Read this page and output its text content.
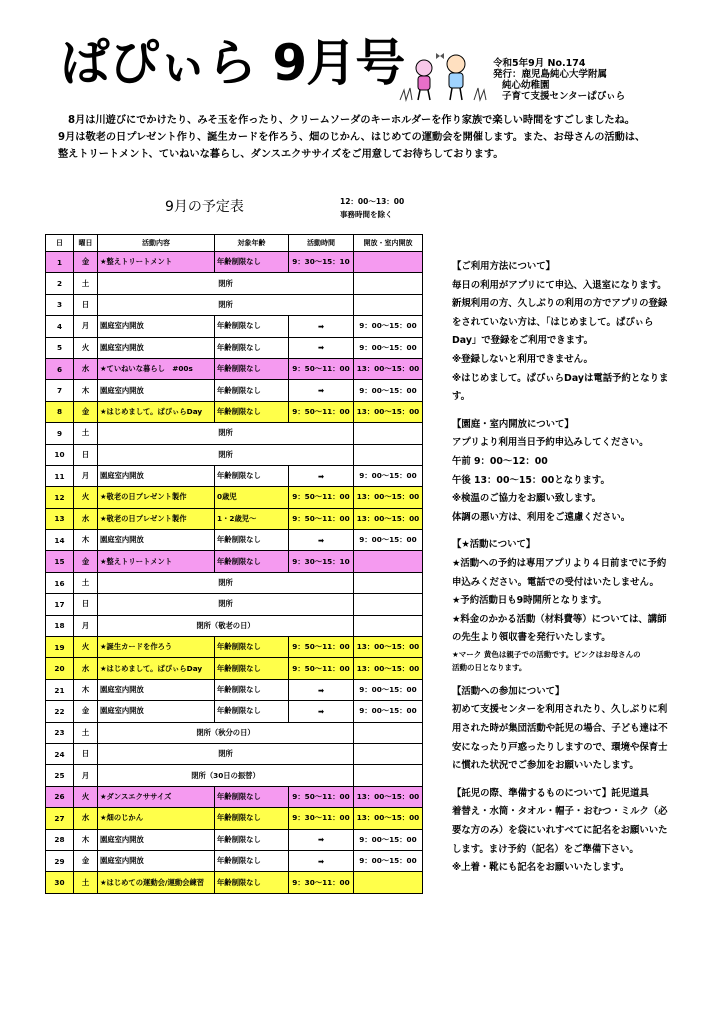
ぱぴぃら 9月号	令和5年9月 No.174
発行：鹿児島純心大学附属
純心幼稚園
子育て支援センターぱぴぃら

8月は川遊びにでかけたり、みそ玉を作ったり、クリームソーダのキーホルダーを作り家族で楽しい時間をすごしましたね。

9月は敬老の日プレゼント作り、誕生カードを作ろう、畑のじかん、はじめての運動会を開催します。また、お母さんの活動は、

整えトリートメント、ていねいな暮らし、ダンスエクササイズをご用意してお待ちしております。

9月の予定表	12：00～13：00
事務時間を除く
日	曜日	活動内容	対象年齢	活動時間	開放・室内開放
1	金	★整えトリートメント	年齢制限なし	9：30～15：10	
2	土	閉所			
3	日	閉所			
4	月	園庭室内開放	年齢制限なし	➡	9：00～15：00
5	火	園庭室内開放	年齢制限なし	➡	9：00～15：00
6	水	★ていねいな暮らし　#00s	年齢制限なし	9：50～11：00	13：00～15：00
7	木	園庭室内開放	年齢制限なし	➡	9：00～15：00
8	金	★はじめまして。ぱぴぃらDay	年齢制限なし	9：50～11：00	13：00～15：00
9	土	閉所			
10	日	閉所			
11	月	園庭室内開放	年齢制限なし	➡	9：00～15：00
12	火	★敬老の日プレゼント製作	0歳児	9：50～11：00	13：00～15：00
13	水	★敬老の日プレゼント製作	1・2歳児～	9：50～11：00	13：00～15：00
14	木	園庭室内開放	年齢制限なし	➡	9：00～15：00
15	金	★整えトリートメント	年齢制限なし	9：30～15：10	
16	土	閉所			
17	日	閉所			
18	月	閉所（敬老の日）			
19	火	★誕生カードを作ろう	年齢制限なし	9：50～11：00	13：00～15：00
20	水	★はじめまして。ぱぴぃらDay	年齢制限なし	9：50～11：00	13：00～15：00
21	木	園庭室内開放	年齢制限なし	➡	9：00～15：00
22	金	園庭室内開放	年齢制限なし	➡	9：00～15：00
23	土	閉所（秋分の日）			
24	日	閉所			
25	月	閉所（30日の振替）			
26	火	★ダンスエクササイズ	年齢制限なし	9：50～11：00	13：00～15：00
27	水	★畑のじかん	年齢制限なし	9：30～11：00	13：00～15：00
28	木	園庭室内開放	年齢制限なし	➡	9：00～15：00
29	金	園庭室内開放	年齢制限なし	➡	9：00～15：00
30	土	★はじめての運動会/運動会練習	年齢制限なし	9：30～11：00	

【ご利用方法について】

毎日の利用がアプリにて申込、入退室になります。

新規利用の方、久しぶりの利用の方でアプリの登録

をされていない方は、「はじめまして。ぱぴぃら

Day」で登録をご利用できます。

※登録しないと利用できません。

※はじめまして。ぱぴぃらDayは電話予約となりま

す。

【園庭・室内開放について】

アプリより利用当日予約申込みしてください。

午前 9：00～12：00

午後 13：00～15：00となります。

※検温のご協力をお願い致します。

体調の悪い方は、利用をご遠慮ください。

【★活動について】

★活動への予約は専用アプリより４日前までに予約

申込みください。電話での受付はいたしません。

★予約活動日も9時開所となります。

★料金のかかる活動（材料費等）については、講師

の先生より領収書を発行いたします。

★マーク 黄色は親子での活動です。ピンクはお母さんの

活動の日となります。

【活動への参加について】

初めて支援センターを利用されたり、久しぶりに利

用された時が集団活動や託児の場合、子ども達は不

安になったり戸惑ったりしますので、環境や保育士

に慣れた状況でご参加をお願いいたします。

【託児の際、準備するものについて】託児道具

着替え・水筒・タオル・帽子・おむつ・ミルク（必

要な方のみ）を袋にいれすべてに記名をお願いいた

します。まけ予約（記名）をご準備下さい。

※上着・靴にも記名をお願いいたします。
